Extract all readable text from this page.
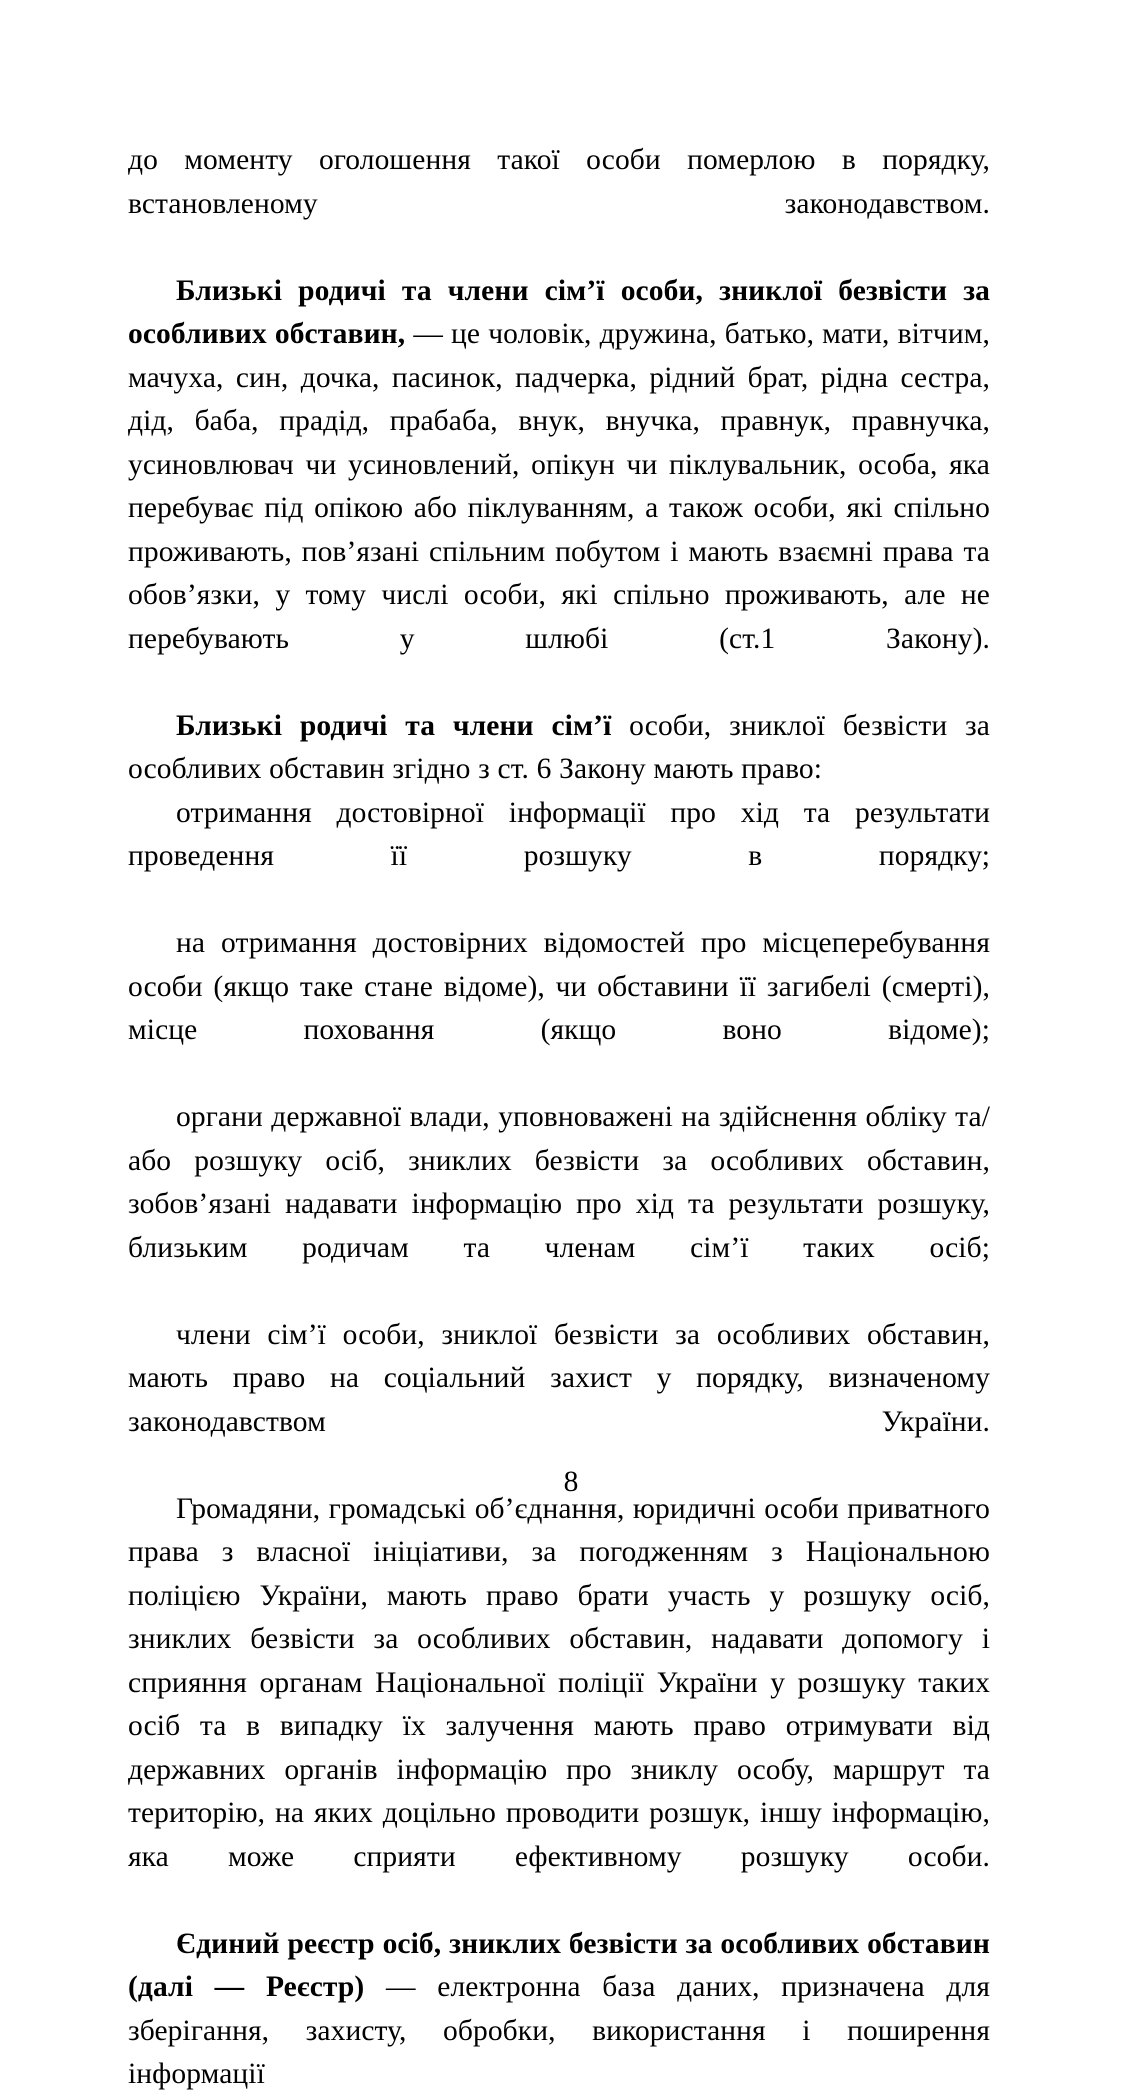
до моменту оголошення такої особи померлою в порядку, встановленому законодавством.

Близькі родичі та члени сім’ї особи, зниклої безвісти за особливих обставин, — це чоловік, дружина, батько, мати, вітчим, мачуха, син, дочка, пасинок, падчерка, рідний брат, рідна сестра, дід, баба, прадід, прабаба, внук, внучка, правнук, правнучка, усиновлювач чи усиновлений, опікун чи піклувальник, особа, яка перебуває під опікою або піклуванням, а також особи, які спільно проживають, пов’язані спільним побутом і мають взаємні права та обов’язки, у тому числі особи, які спільно проживають, але не перебувають у шлюбі (ст.1 Закону).

Близькі родичі та члени сім’ї особи, зниклої безвісти за особливих обставин згідно з ст. 6 Закону мають право:

отримання достовірної інформації про хід та результати проведення її розшуку в порядку;

на отримання достовірних відомостей про місцеперебування особи (якщо таке стане відоме), чи обставини її загибелі (смерті), місце поховання (якщо воно відоме);

органи державної влади, уповноважені на здійснення обліку та/або розшуку осіб, зниклих безвісти за особливих обставин, зобов’язані надавати інформацію про хід та результати розшуку, близьким родичам та членам сім’ї таких осіб;

члени сім’ї особи, зниклої безвісти за особливих обставин, мають право на соціальний захист у порядку, визначеному законодавством України.

Громадяни, громадські об’єднання, юридичні особи приватного права з власної ініціативи, за погодженням з Національною поліцією України, мають право брати участь у розшуку осіб, зниклих безвісти за особливих обставин, надавати допомогу і сприяння органам Національної поліції України у розшуку таких осіб та в випадку їх залучення мають право отримувати від державних органів інформацію про зниклу особу, маршрут та територію, на яких доцільно проводити розшук, іншу інформацію, яка може сприяти ефективному розшуку особи.

Єдиний реєстр осіб, зниклих безвісти за особливих обставин (далі — Реєстр) — електронна база даних, призначена для зберігання, захисту, обробки, використання і поширення інформації

8
